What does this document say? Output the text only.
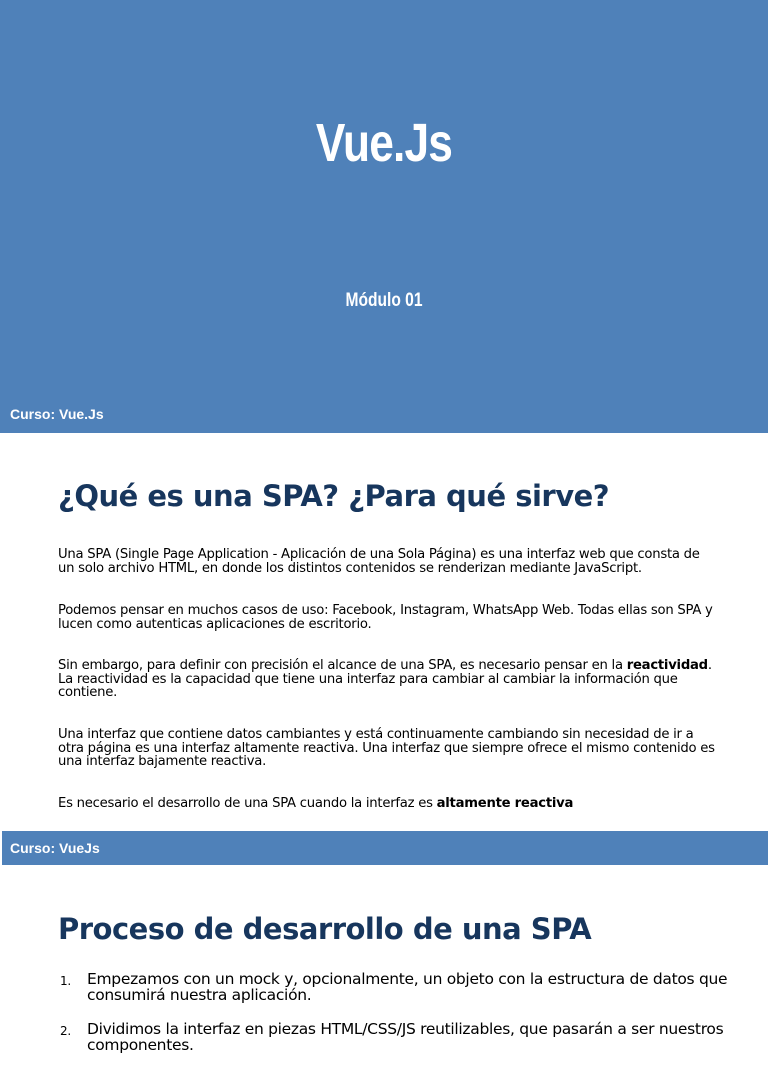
Vue.Js
Módulo 01
Curso: Vue.Js
¿Qué es una SPA? ¿Para qué sirve?
Una SPA (Single Page Application - Aplicación de una Sola Página) es una interfaz web que consta de un solo archivo HTML, en donde los distintos contenidos se renderizan mediante JavaScript.
Podemos pensar en muchos casos de uso: Facebook, Instagram, WhatsApp Web. Todas ellas son SPA y lucen como autenticas aplicaciones de escritorio.
Sin embargo, para definir con precisión el alcance de una SPA, es necesario pensar en la reactividad. La reactividad es la capacidad que tiene una interfaz para cambiar al cambiar la información que contiene.
Una interfaz que contiene datos cambiantes y está continuamente cambiando sin necesidad de ir a otra página es una interfaz altamente reactiva. Una interfaz que siempre ofrece el mismo contenido es una interfaz bajamente reactiva.
Es necesario el desarrollo de una SPA cuando la interfaz es altamente reactiva
Curso: VueJs
Proceso de desarrollo de una SPA
1.	Empezamos con un mock y, opcionalmente, un objeto con la estructura de datos que consumirá nuestra aplicación.
2.	Dividimos la interfaz en piezas HTML/CSS/JS reutilizables, que pasarán a ser nuestros componentes.
